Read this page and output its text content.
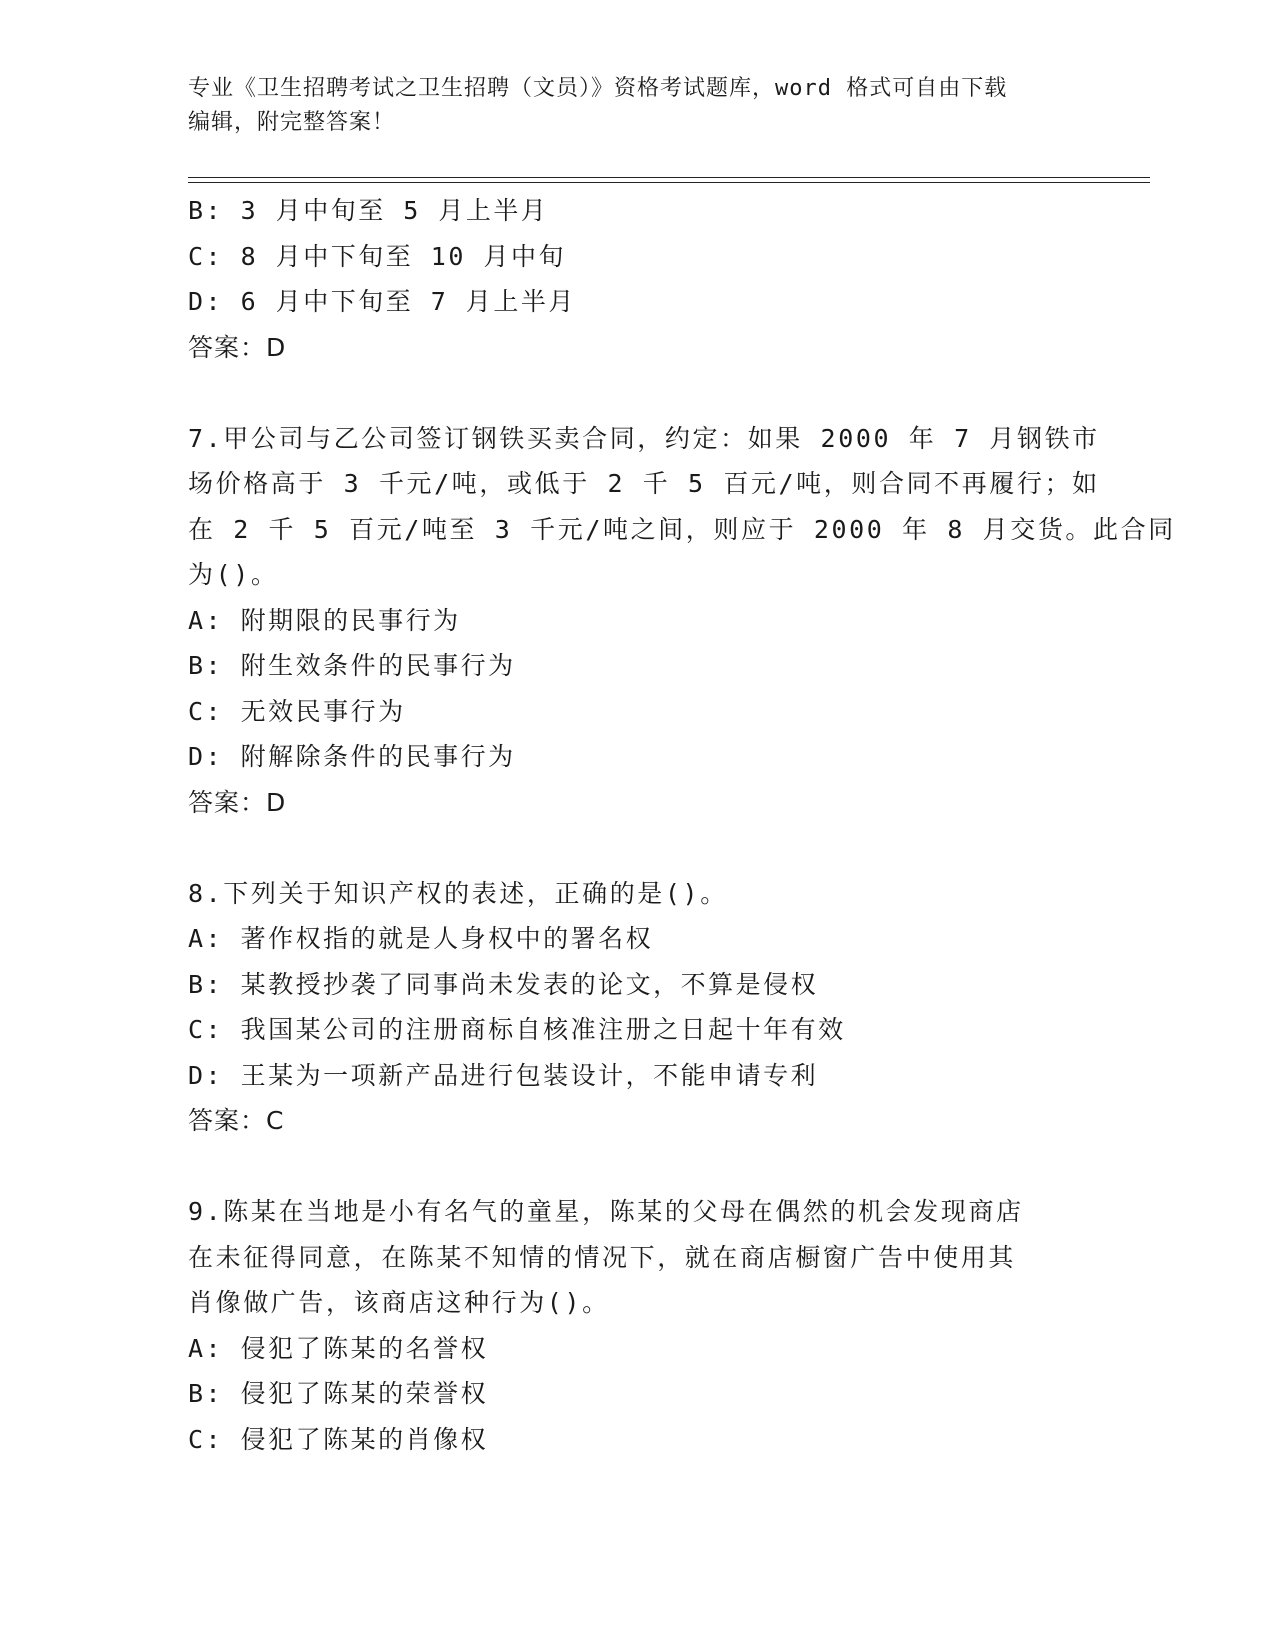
专业《卫生招聘考试之卫生招聘（文员）》资格考试题库，word 格式可自由下载
编辑，附完整答案！
B: 3 月中旬至 5 月上半月
C: 8 月中下旬至 10 月中旬
D: 6 月中下旬至 7 月上半月
答案：D
7.甲公司与乙公司签订钢铁买卖合同，约定：如果 2000 年 7 月钢铁市
场价格高于 3 千元/吨，或低于 2 千 5 百元/吨，则合同不再履行；如
在 2 千 5 百元/吨至 3 千元/吨之间，则应于 2000 年 8 月交货。此合同
为()。
A: 附期限的民事行为
B: 附生效条件的民事行为
C: 无效民事行为
D: 附解除条件的民事行为
答案：D
8.下列关于知识产权的表述，正确的是()。
A: 著作权指的就是人身权中的署名权
B: 某教授抄袭了同事尚未发表的论文，不算是侵权
C: 我国某公司的注册商标自核准注册之日起十年有效
D: 王某为一项新产品进行包装设计，不能申请专利
答案：C
9.陈某在当地是小有名气的童星，陈某的父母在偶然的机会发现商店
在未征得同意，在陈某不知情的情况下，就在商店橱窗广告中使用其
肖像做广告，该商店这种行为()。
A: 侵犯了陈某的名誉权
B: 侵犯了陈某的荣誉权
C: 侵犯了陈某的肖像权
